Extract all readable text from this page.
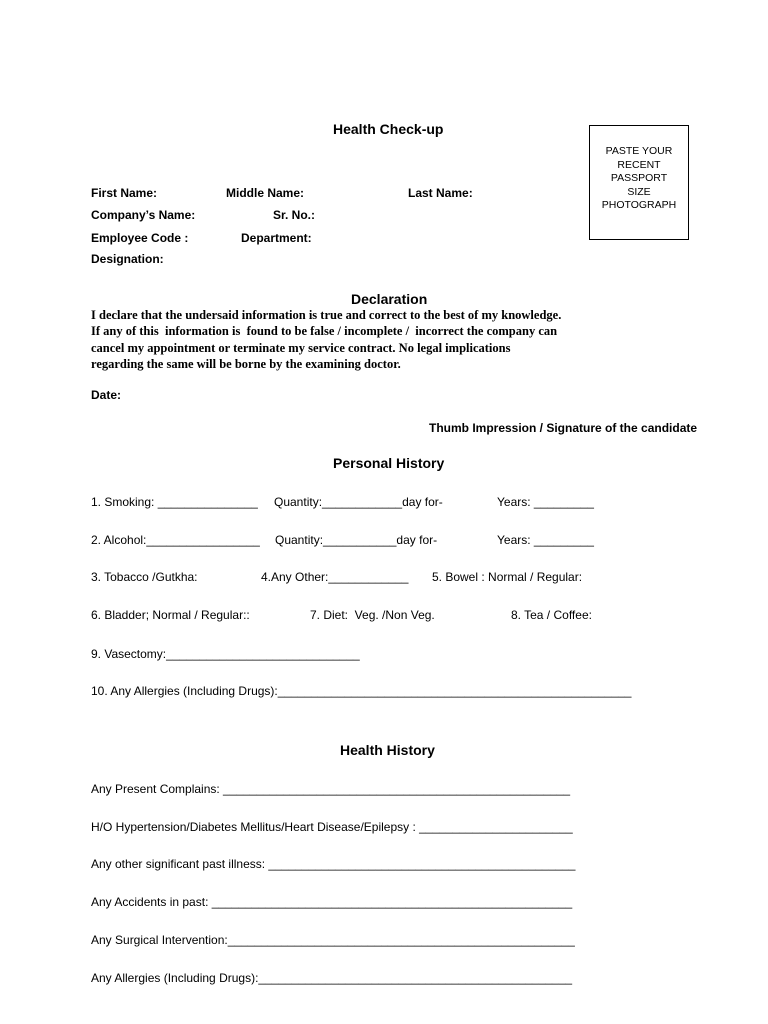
Health Check-up
PASTE YOUR
RECENT
PASSPORT
SIZE
PHOTOGRAPH
First Name:	Middle Name:	Last Name:
Company’s Name:	Sr. No.:
Employee Code :	Department:
Designation:
Declaration
I declare that the undersaid information is true and correct to the best of my knowledge.
If any of this  information is  found to be false / incomplete /  incorrect the company can
cancel my appointment or terminate my service contract. No legal implications
regarding the same will be borne by the examining doctor.
Date:
Thumb Impression / Signature of the candidate
Personal History
1. Smoking: _______________ Quantity:____________day for-	Years: _________
2. Alcohol:_________________ Quantity:___________day for-	Years: _________
3. Tobacco /Gutkha:	4.Any Other:____________ 5. Bowel : Normal / Regular:
6. Bladder; Normal / Regular::	7. Diet:  Veg. /Non Veg.	8. Tea / Coffee:
9. Vasectomy:_____________________________
10. Any Allergies (Including Drugs):_____________________________________________________
Health History
Any Present Complains: ____________________________________________________
H/O Hypertension/Diabetes Mellitus/Heart Disease/Epilepsy : _______________________
Any other significant past illness: ______________________________________________
Any Accidents in past: ______________________________________________________
Any Surgical Intervention:____________________________________________________
Any Allergies (Including Drugs):_______________________________________________
